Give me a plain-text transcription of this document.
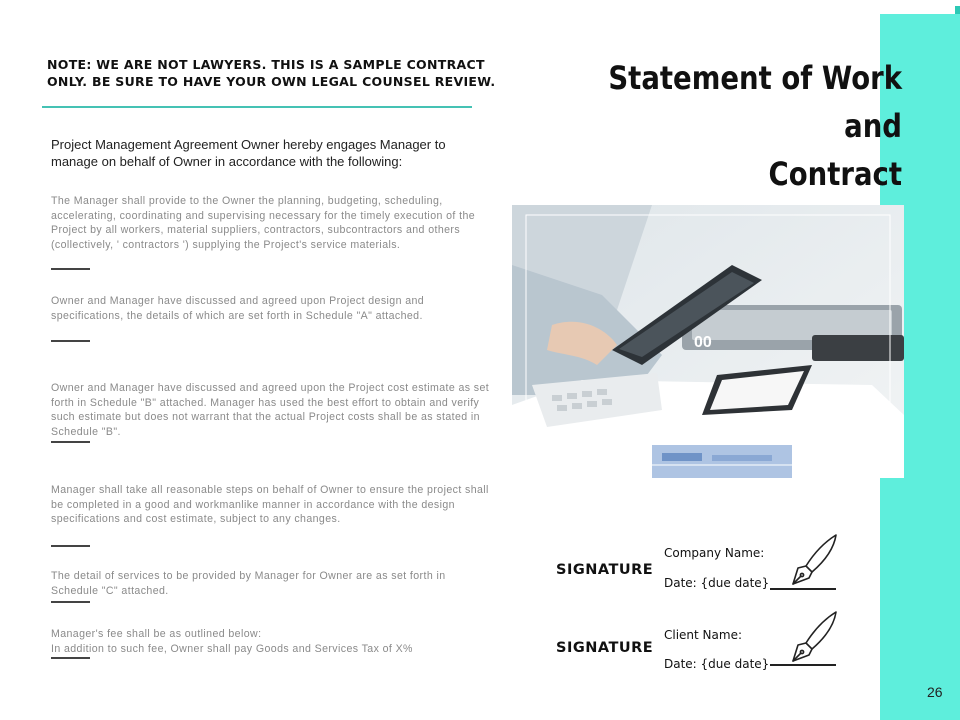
NOTE: WE ARE NOT LAWYERS. THIS IS A SAMPLE CONTRACT
ONLY. BE SURE TO HAVE YOUR OWN LEGAL COUNSEL REVIEW.	Statement of Work and
Contract
Project Management Agreement Owner hereby engages Manager to manage on behalf of Owner in accordance with the following:
The Manager shall provide to the Owner the planning, budgeting, scheduling, accelerating, coordinating and supervising necessary for the timely execution of the Project by all workers, material suppliers, contractors, subcontractors and others (collectively, ' contractors ') supplying the Project's service materials.
Owner and Manager have discussed and agreed upon Project design and specifications, the details of which are set forth in Schedule "A" attached.
Owner and Manager have discussed and agreed upon the Project cost estimate as set forth in Schedule "B" attached. Manager has used the best effort to obtain and verify such estimate but does not warrant that the actual Project costs shall be as stated in Schedule "B".
Manager shall take all reasonable steps on behalf of Owner to ensure the project shall be completed in a good and workmanlike manner in accordance with the design specifications and cost estimate, subject to any changes.
The detail of services to be provided by Manager for Owner are as set forth in Schedule "C" attached.
Manager's fee shall be as outlined below:
In addition to such fee, Owner shall pay Goods and Services Tax of X%
00
SIGNATURE
Company Name:
Date: {due date}
SIGNATURE
Client Name:
Date: {due date}
26
